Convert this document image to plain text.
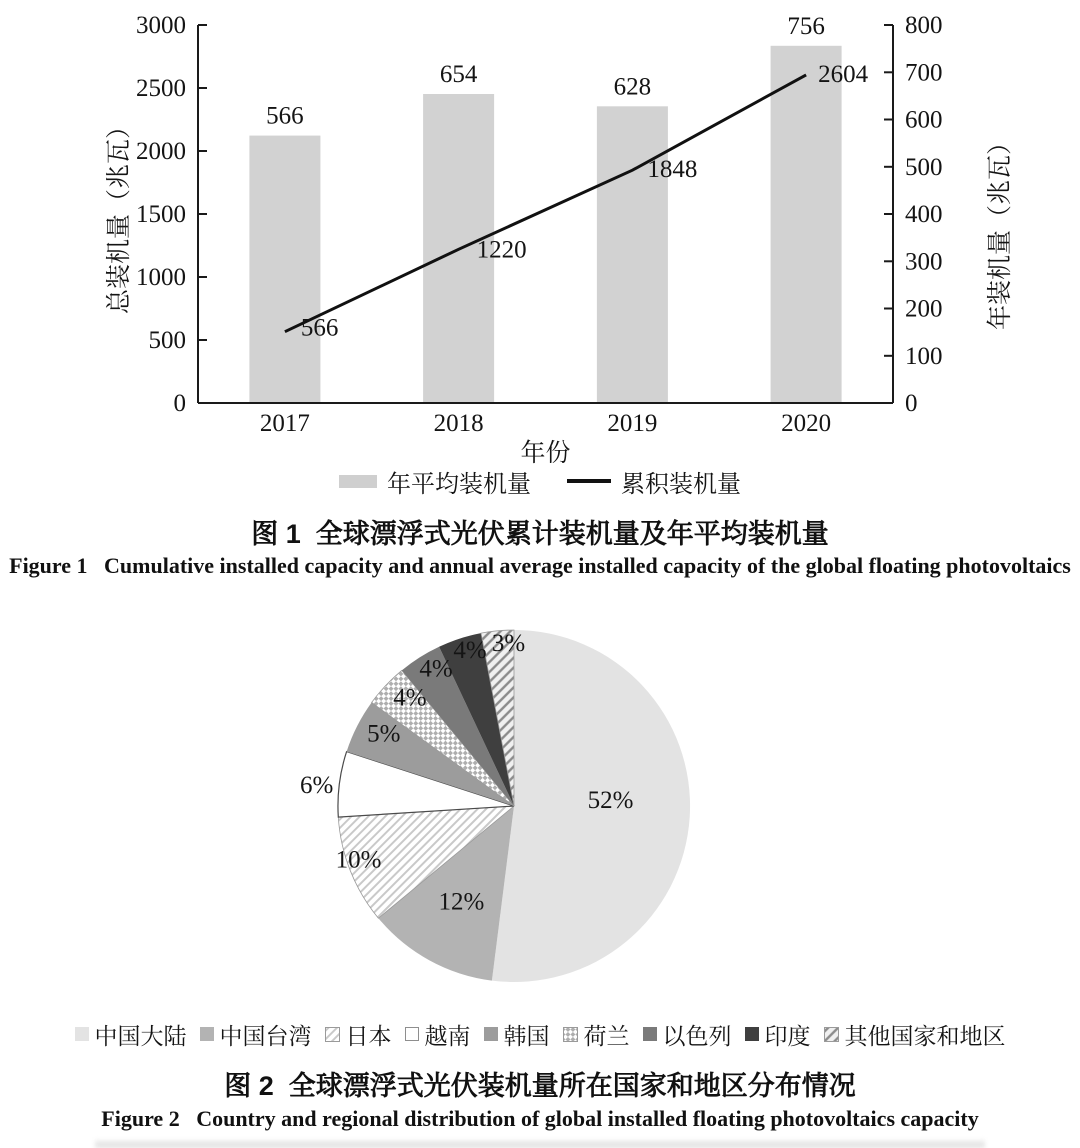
566
654	628
756
566
1220
1848
2604
0
500
1000
1500
2000
2500
3000
0
100
200
300
400
500
600
700
800
2017	2018	2019	2020
年份
总装机量（兆瓦）	年装机量（兆瓦）
年平均装机量	累积装机量
图 1  全球漂浮式光伏累计装机量及年平均装机量
Figure 1   Cumulative installed capacity and annual average installed capacity of the global floating photovoltaics
52%
12%
10%
6%
5%
4%
4%
4% 3%
中国大陆 中国台湾 日本 越南 韩国 荷兰 以色列 印度 其他国家和地区
图 2  全球漂浮式光伏装机量所在国家和地区分布情况
Figure 2   Country and regional distribution of global installed floating photovoltaics capacity
